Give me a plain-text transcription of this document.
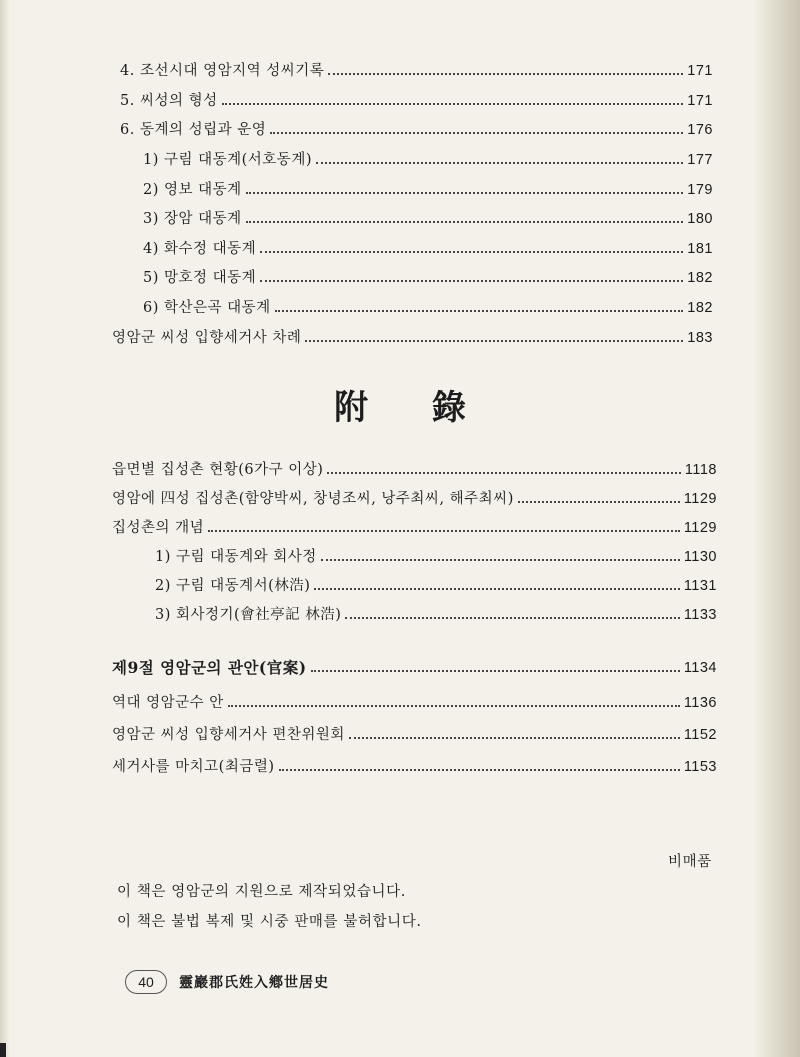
4. 조선시대 영암지역 성씨기록	171
5. 씨성의 형성	171
6. 동계의 성립과 운영	176
1) 구림 대동계(서호동계)	177
2) 영보 대동계	179
3) 장암 대동계	180
4) 화수정 대동계	181
5) 망호정 대동계	182
6) 학산은곡 대동계	182
영암군 씨성 입향세거사 차례	183
附 錄
읍면별 집성촌 현황(6가구 이상)	1118
영암에 四성 집성촌(함양박씨, 창녕조씨, 낭주최씨, 해주최씨)	1129
집성촌의 개념	1129
1) 구림 대동계와 회사정	1130
2) 구림 대동계서(林浩)	1131
3) 회사정기(會社亭記 林浩)	1133
제9절 영암군의 관안(官案)	1134
역대 영암군수 안	1136
영암군 씨성 입향세거사 편찬위원회	1152
세거사를 마치고(최금렬)	1153
비매품
이 책은 영암군의 지원으로 제작되었습니다.
이 책은 불법 복제 및 시중 판매를 불허합니다.
40	靈巖郡氏姓入鄕世居史
